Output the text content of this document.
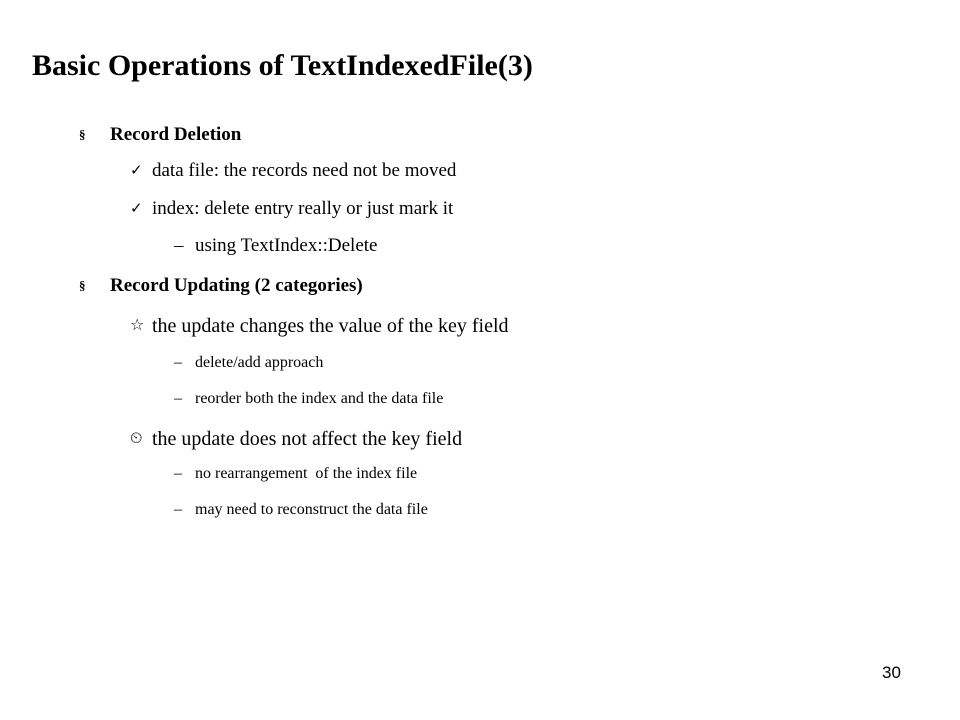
Basic Operations of TextIndexedFile(3)
§ Record Deletion
✓ data file: the records need not be moved
✓ index: delete entry really or just mark it
– using TextIndex::Delete
§ Record Updating (2 categories)
☆ the update changes the value of the key field
– delete/add approach
– reorder both the index and the data file
⏲ the update does not affect the key field
– no rearrangement  of the index file
– may need to reconstruct the data file
30
